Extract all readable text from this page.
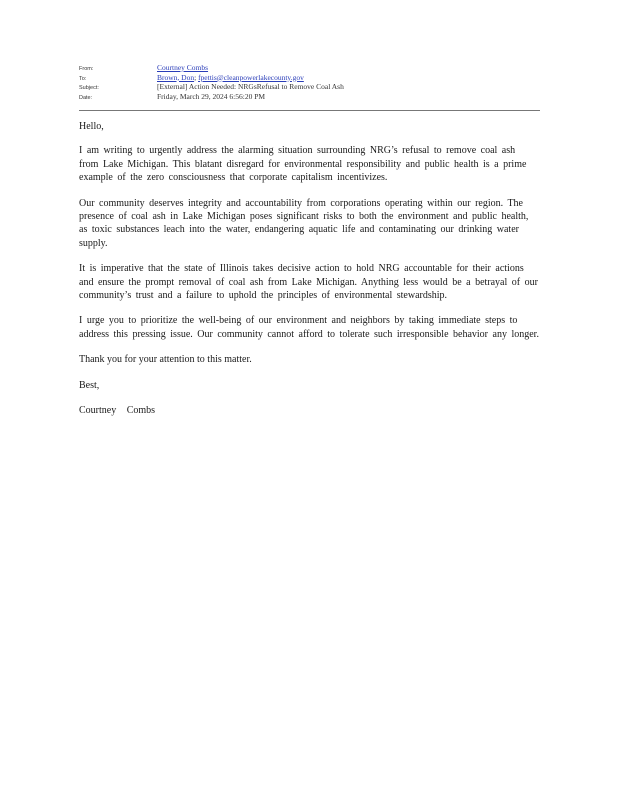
From:	Courtney Combs
To:	Brown, Don; fpettis@cleanpowerlakecounty.gov
Subject:	[External] Action Needed: NRGsRefusal to Remove Coal Ash
Date:	Friday, March 29, 2024 6:56:20 PM

Hello,

I am writing to urgently address the alarming situation surrounding NRG’s refusal to remove coal ash from Lake Michigan. This blatant disregard for environmental responsibility and public health is a prime example of the zero consciousness that corporate capitalism incentivizes.

Our community deserves integrity and accountability from corporations operating within our region. The presence of coal ash in Lake Michigan poses significant risks to both the environment and public health, as toxic substances leach into the water, endangering aquatic life and contaminating our drinking water supply.

It is imperative that the state of Illinois takes decisive action to hold NRG accountable for their actions and ensure the prompt removal of coal ash from Lake Michigan. Anything less would be a betrayal of our community’s trust and a failure to uphold the principles of environmental stewardship.

I urge you to prioritize the well-being of our environment and neighbors by taking immediate steps to address this pressing issue. Our community cannot afford to tolerate such irresponsible behavior any longer.

Thank you for your attention to this matter.

Best,

Courtney Combs
